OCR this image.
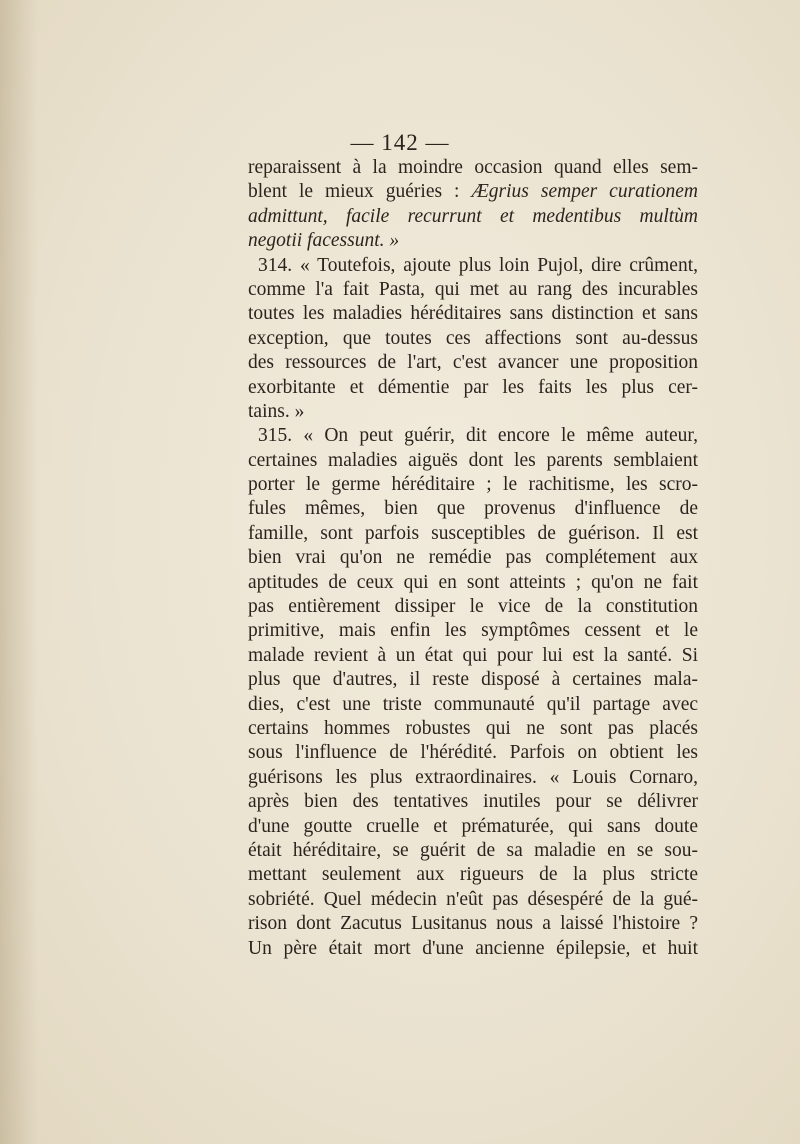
— 142 —
reparaissent à la moindre occasion quand elles sem-
blent le mieux guéries : Ægrius semper curationem
admittunt, facile recurrunt et medentibus multùm
negotii facessunt. »
314. « Toutefois, ajoute plus loin Pujol, dire crûment,
comme l'a fait Pasta, qui met au rang des incurables
toutes les maladies héréditaires sans distinction et sans
exception, que toutes ces affections sont au-dessus
des ressources de l'art, c'est avancer une proposition
exorbitante et démentie par les faits les plus cer-
tains. »
315. « On peut guérir, dit encore le même auteur,
certaines maladies aiguës dont les parents semblaient
porter le germe héréditaire ; le rachitisme, les scro-
fules mêmes, bien que provenus d'influence de
famille, sont parfois susceptibles de guérison. Il est
bien vrai qu'on ne remédie pas complétement aux
aptitudes de ceux qui en sont atteints ; qu'on ne fait
pas entièrement dissiper le vice de la constitution
primitive, mais enfin les symptômes cessent et le
malade revient à un état qui pour lui est la santé. Si
plus que d'autres, il reste disposé à certaines mala-
dies, c'est une triste communauté qu'il partage avec
certains hommes robustes qui ne sont pas placés
sous l'influence de l'hérédité. Parfois on obtient les
guérisons les plus extraordinaires. « Louis Cornaro,
après bien des tentatives inutiles pour se délivrer
d'une goutte cruelle et prématurée, qui sans doute
était héréditaire, se guérit de sa maladie en se sou-
mettant seulement aux rigueurs de la plus stricte
sobriété. Quel médecin n'eût pas désespéré de la gué-
rison dont Zacutus Lusitanus nous a laissé l'histoire ?
Un père était mort d'une ancienne épilepsie, et huit
